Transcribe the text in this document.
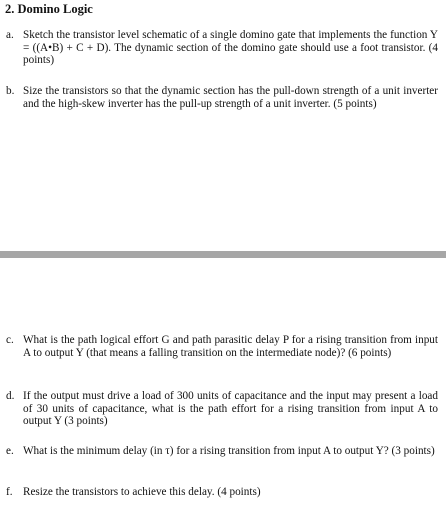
2. Domino Logic
a. Sketch the transistor level schematic of a single domino gate that implements the function Y = ((A•B) + C + D). The dynamic section of the domino gate should use a foot transistor. (4 points)
b. Size the transistors so that the dynamic section has the pull-down strength of a unit inverter and the high-skew inverter has the pull-up strength of a unit inverter. (5 points)
c. What is the path logical effort G and path parasitic delay P for a rising transition from input A to output Y (that means a falling transition on the intermediate node)? (6 points)
d. If the output must drive a load of 300 units of capacitance and the input may present a load of 30 units of capacitance, what is the path effort for a rising transition from input A to output Y (3 points)
e. What is the minimum delay (in τ) for a rising transition from input A to output Y? (3 points)
f. Resize the transistors to achieve this delay. (4 points)
